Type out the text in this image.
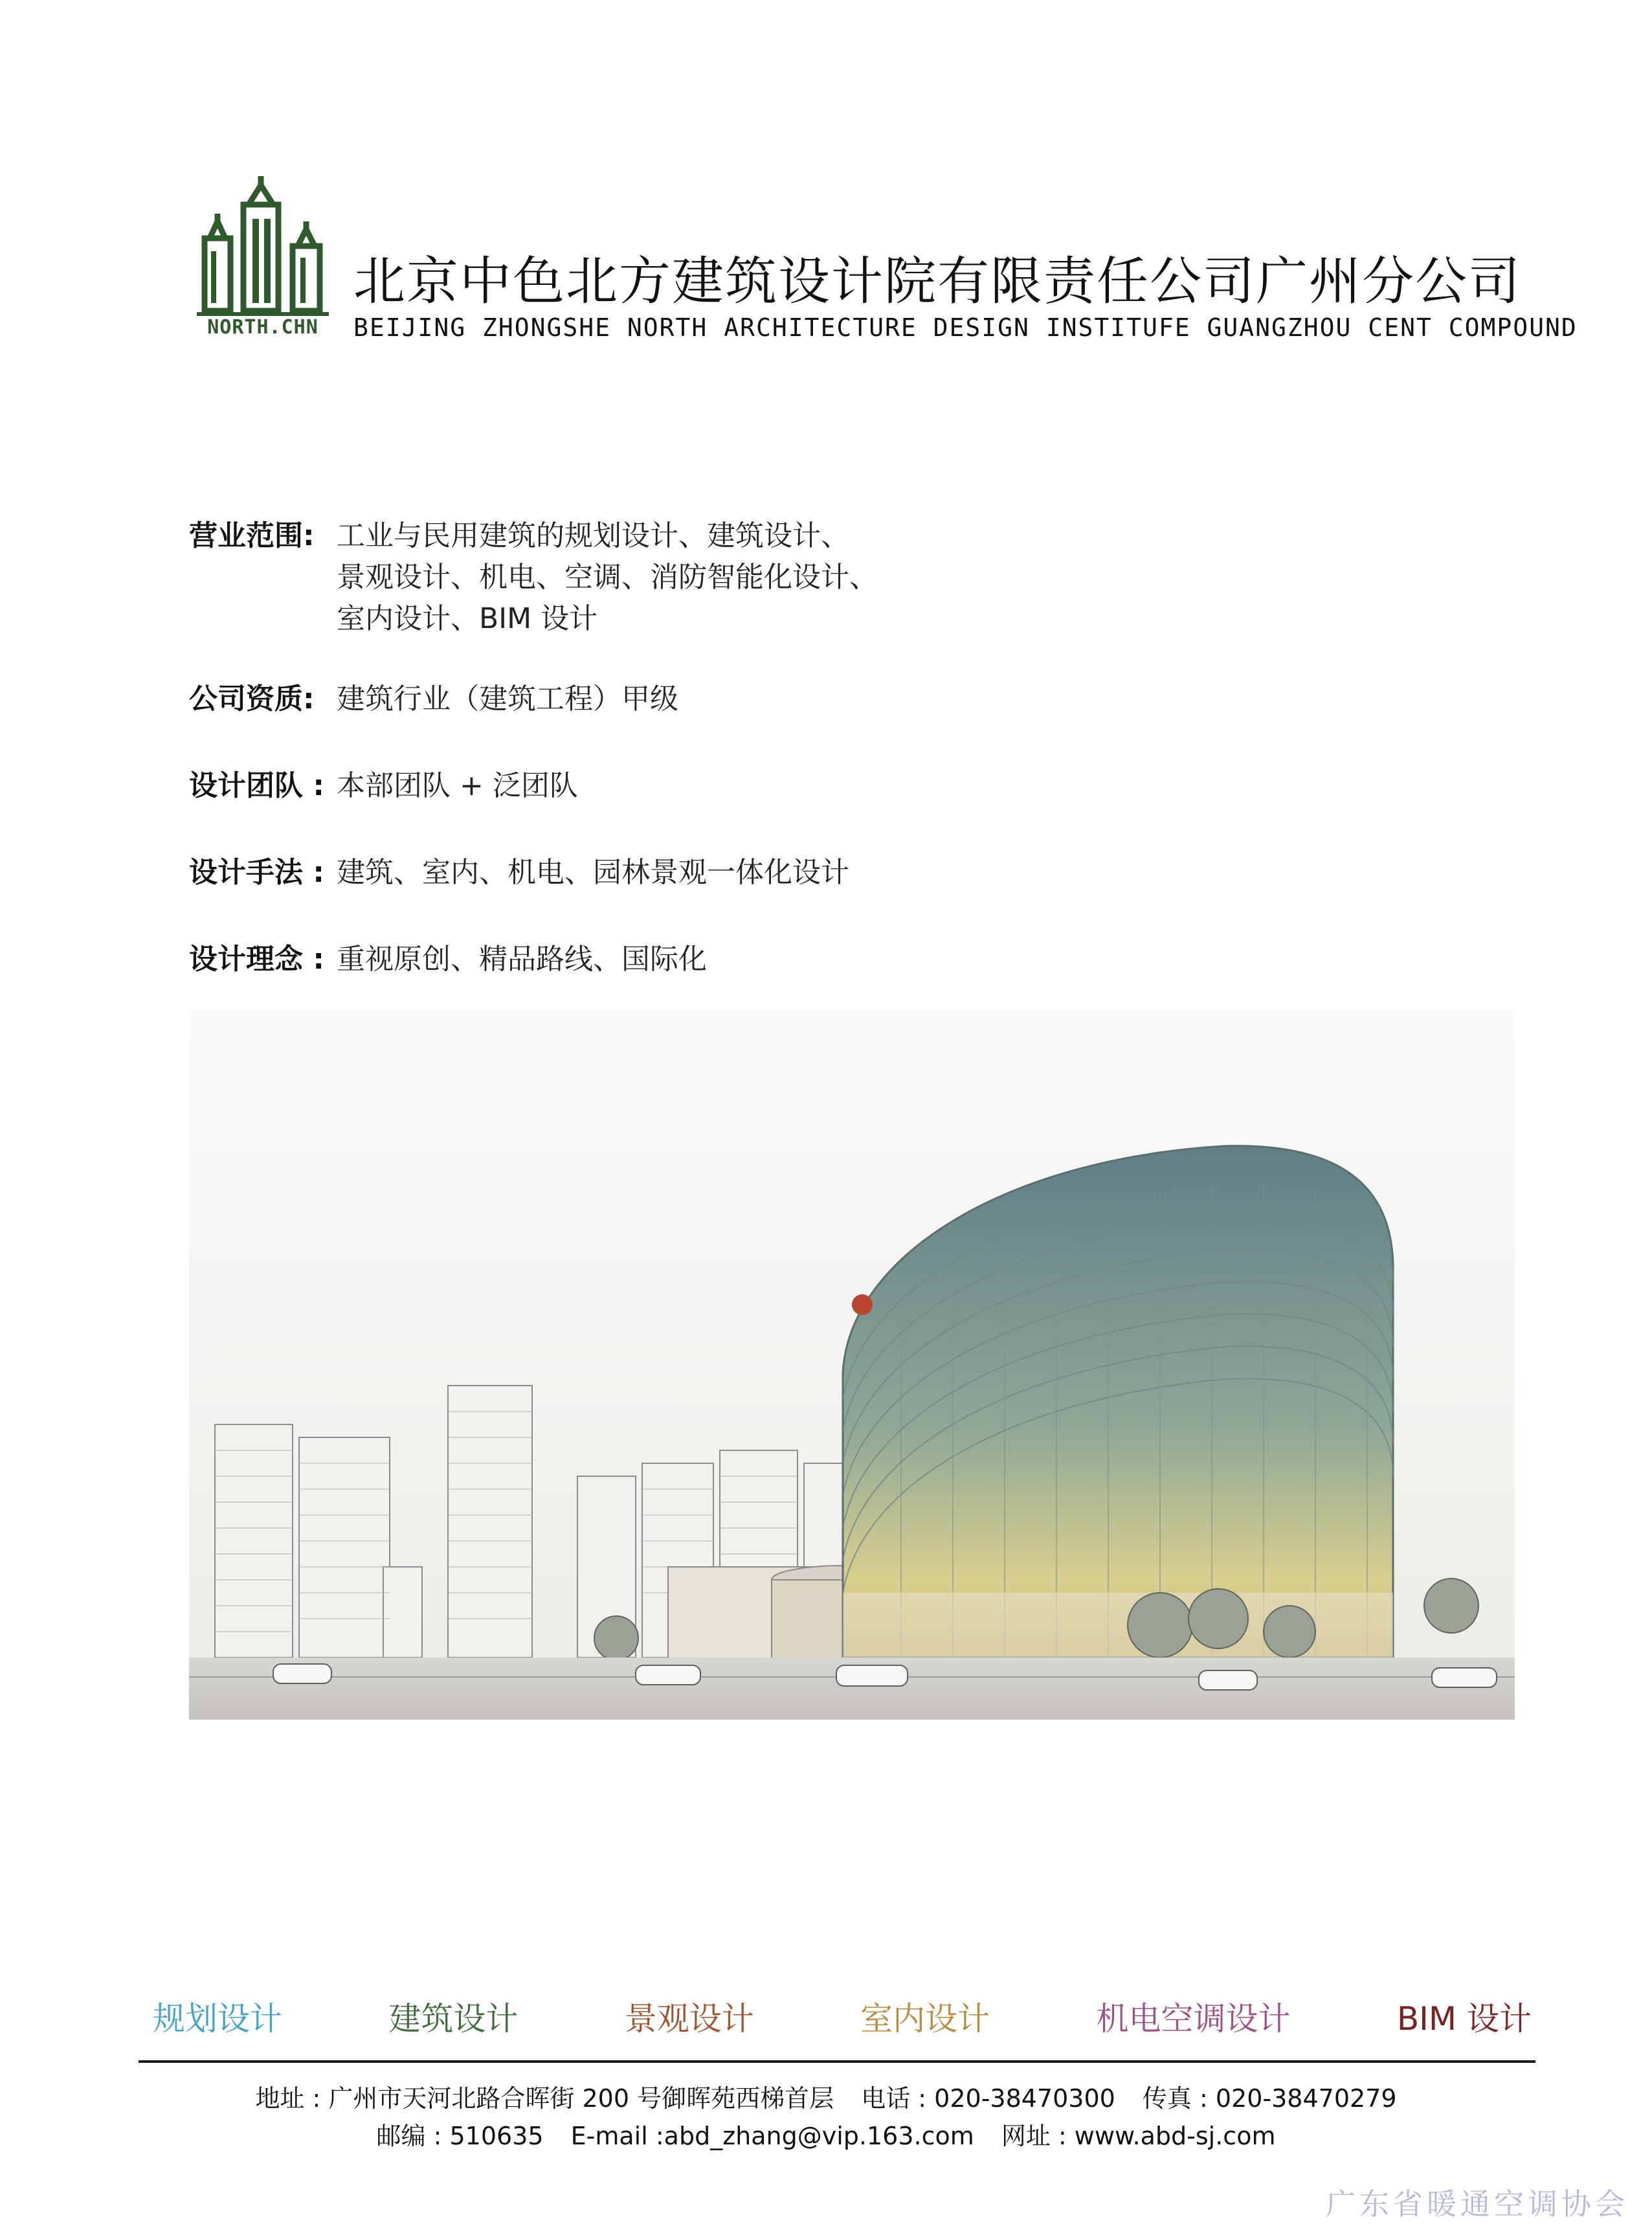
NORTH.CHN
北京中色北方建筑设计院有限责任公司广州分公司
BEIJING ZHONGSHE NORTH ARCHITECTURE DESIGN INSTITUFE GUANGZHOU CENT COMPOUND
营业范围: 工业与民用建筑的规划设计、建筑设计、
景观设计、机电、空调、消防智能化设计、
室内设计、BIM 设计
公司资质: 建筑行业（建筑工程）甲级
设计团队 : 本部团队 + 泛团队
设计手法 : 建筑、室内、机电、园林景观一体化设计
设计理念 : 重视原创、精品路线、国际化
规划设计	建筑设计	景观设计	室内设计	机电空调设计	BIM 设计
地址 : 广州市天河北路合晖街 200 号御晖苑西梯首层 电话 : 020-38470300 传真 : 020-38470279
邮编 : 510635 E-mail :abd_zhang@vip.163.com 网址 : www.abd-sj.com
广东省暖通空调协会
